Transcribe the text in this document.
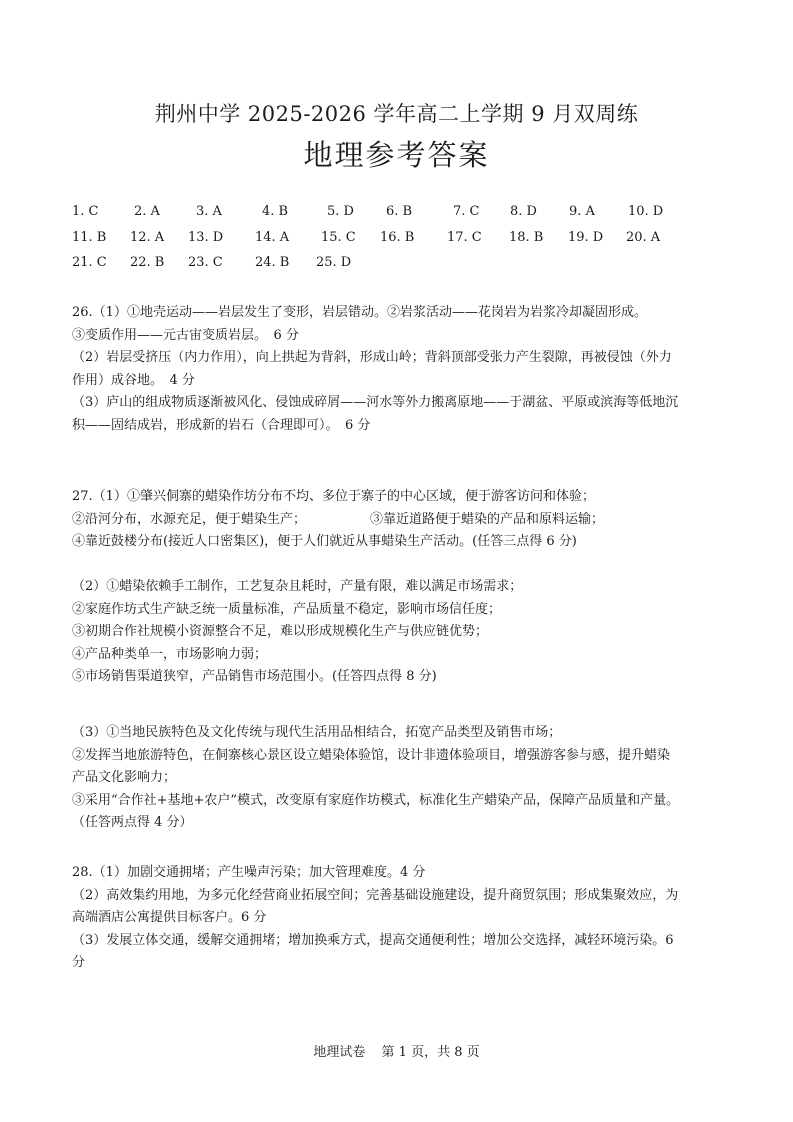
荆州中学 2025-2026 学年高二上学期 9 月双周练
地理参考答案
1. C	2. A	3. A	4. B	5. D 6. B	7. C 8. D 9. A	10. D
11. B 12. A 13. D 14. A 15. C 16. B	17. C 18. B 19. D 20. A
21. C 22. B 23. C 24. B 25. D

26.（1）①地壳运动——岩层发生了变形，岩层错动。②岩浆活动——花岗岩为岩浆冷却凝固形成。

③变质作用——元古宙变质岩层。　6 分

（2）岩层受挤压（内力作用），向上拱起为背斜，形成山岭；背斜顶部受张力产生裂隙，再被侵蚀（外力

作用）成谷地。　4 分

（3）庐山的组成物质逐渐被风化、侵蚀成碎屑——河水等外力搬离原地——于湖盆、平原或滨海等低地沉

积——固结成岩，形成新的岩石（合理即可）。　6 分

27.（1）①肇兴侗寨的蜡染作坊分布不均、多位于寨子的中心区域，便于游客访问和体验；

②沿河分布，水源充足，便于蜡染生产；	③靠近道路便于蜡染的产品和原料运输；

④靠近鼓楼分布(接近人口密集区)，便于人们就近从事蜡染生产活动。(任答三点得 6 分)

（2）①蜡染依赖手工制作，工艺复杂且耗时，产量有限，难以满足市场需求；

②家庭作坊式生产缺乏统一质量标准，产品质量不稳定，影响市场信任度；

③初期合作社规模小资源整合不足，难以形成规模化生产与供应链优势；

④产品种类单一，市场影响力弱；

⑤市场销售渠道狭窄，产品销售市场范围小。(任答四点得 8 分)

（3）①当地民族特色及文化传统与现代生活用品相结合，拓宽产品类型及销售市场；

②发挥当地旅游特色，在侗寨核心景区设立蜡染体验馆，设计非遗体验项目，增强游客参与感，提升蜡染

产品文化影响力；

③采用“合作社+基地+农户”模式，改变原有家庭作坊模式，标准化生产蜡染产品，保障产品质量和产量。

（任答两点得 4 分）

28.（1）加剧交通拥堵；产生噪声污染；加大管理难度。4 分

（2）高效集约用地，为多元化经营商业拓展空间；完善基础设施建设，提升商贸氛围；形成集聚效应，为

高端酒店公寓提供目标客户。6 分

（3）发展立体交通，缓解交通拥堵；增加换乘方式，提高交通便利性；增加公交选择，减轻环境污染。6

分

地理试卷 第 1 页，共 8 页
